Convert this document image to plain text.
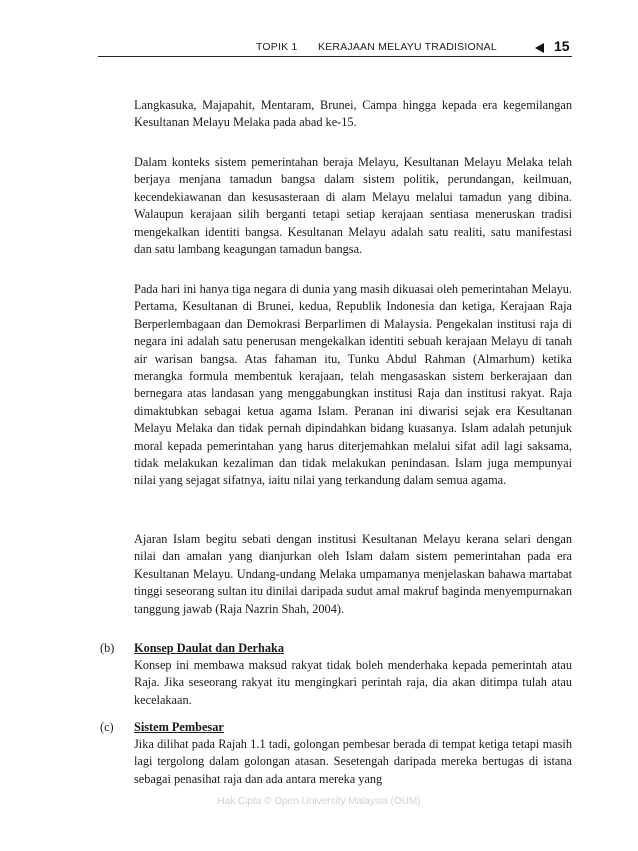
TOPIK 1 KERAJAAN MELAYU TRADISIONAL	15

Langkasuka, Majapahit, Mentaram, Brunei, Campa hingga kepada era kegemilangan Kesultanan Melayu Melaka pada abad ke-15.

Dalam konteks sistem pemerintahan beraja Melayu, Kesultanan Melayu Melaka telah berjaya menjana tamadun bangsa dalam sistem politik, perundangan, keilmuan, kecendekiawanan dan kesusasteraan di alam Melayu melalui tamadun yang dibina. Walaupun kerajaan silih berganti tetapi setiap kerajaan sentiasa meneruskan tradisi mengekalkan identiti bangsa. Kesultanan Melayu adalah satu realiti, satu manifestasi dan satu lambang keagungan tamadun bangsa.

Pada hari ini hanya tiga negara di dunia yang masih dikuasai oleh pemerintahan Melayu. Pertama, Kesultanan di Brunei, kedua, Republik Indonesia dan ketiga, Kerajaan Raja Berperlembagaan dan Demokrasi Berparlimen di Malaysia. Pengekalan institusi raja di negara ini adalah satu penerusan mengekalkan identiti sebuah kerajaan Melayu di tanah air warisan bangsa. Atas fahaman itu, Tunku Abdul Rahman (Almarhum) ketika merangka formula membentuk kerajaan, telah mengasaskan sistem berkerajaan dan bernegara atas landasan yang menggabungkan institusi Raja dan institusi rakyat. Raja dimaktubkan sebagai ketua agama Islam. Peranan ini diwarisi sejak era Kesultanan Melayu Melaka dan tidak pernah dipindahkan bidang kuasanya. Islam adalah petunjuk moral kepada pemerintahan yang harus diterjemahkan melalui sifat adil lagi saksama, tidak melakukan kezaliman dan tidak melakukan penindasan. Islam juga mempunyai nilai yang sejagat sifatnya, iaitu nilai yang terkandung dalam semua agama.

Ajaran Islam begitu sebati dengan institusi Kesultanan Melayu kerana selari dengan nilai dan amalan yang dianjurkan oleh Islam dalam sistem pemerintahan pada era Kesultanan Melayu. Undang-undang Melaka umpamanya menjelaskan bahawa martabat tinggi seseorang sultan itu dinilai daripada sudut amal makruf baginda menyempurnakan tanggung jawab (Raja Nazrin Shah, 2004).

(b) Konsep Daulat dan Derhaka

Konsep ini membawa maksud rakyat tidak boleh menderhaka kepada pemerintah atau Raja. Jika seseorang rakyat itu mengingkari perintah raja, dia akan ditimpa tulah atau kecelakaan.

(c) Sistem Pembesar

Jika dilihat pada Rajah 1.1 tadi, golongan pembesar berada di tempat ketiga tetapi masih lagi tergolong dalam golongan atasan. Sesetengah daripada mereka bertugas di istana sebagai penasihat raja dan ada antara mereka yang

Hak Cipta © Open University Malaysia (OUM)
